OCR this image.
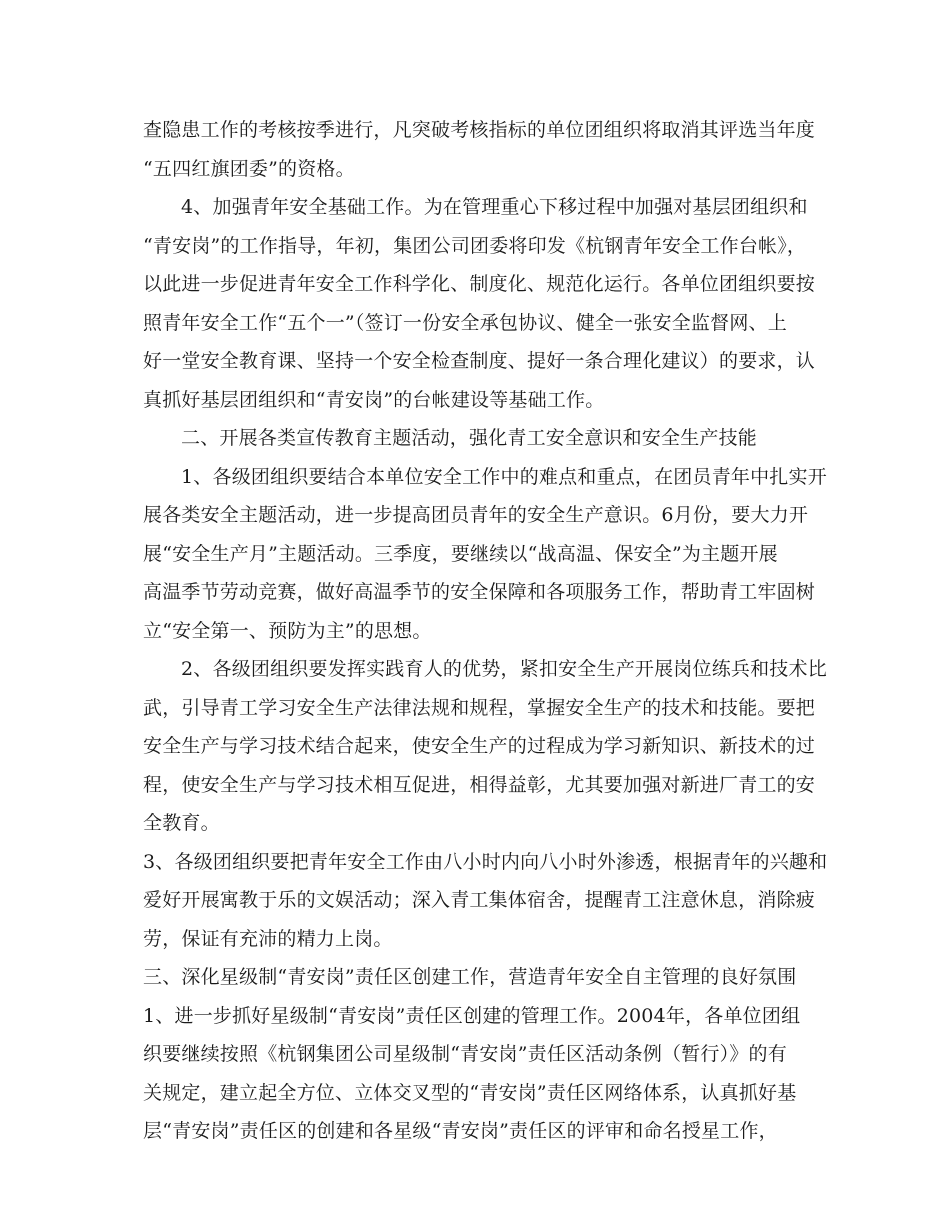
查隐患工作的考核按季进行，凡突破考核指标的单位团组织将取消其评选当年度
“五四红旗团委”的资格。
4、加强青年安全基础工作。为在管理重心下移过程中加强对基层团组织和
“青安岗”的工作指导，年初，集团公司团委将印发《杭钢青年安全工作台帐》，
以此进一步促进青年安全工作科学化、制度化、规范化运行。各单位团组织要按
照青年安全工作“五个一”（签订一份安全承包协议、健全一张安全监督网、上
好一堂安全教育课、坚持一个安全检查制度、提好一条合理化建议）的要求，认
真抓好基层团组织和“青安岗”的台帐建设等基础工作。
二、开展各类宣传教育主题活动，强化青工安全意识和安全生产技能
1、各级团组织要结合本单位安全工作中的难点和重点，在团员青年中扎实开
展各类安全主题活动，进一步提高团员青年的安全生产意识。6月份，要大力开
展“安全生产月”主题活动。三季度，要继续以“战高温、保安全”为主题开展
高温季节劳动竞赛，做好高温季节的安全保障和各项服务工作，帮助青工牢固树
立“安全第一、预防为主”的思想。
2、各级团组织要发挥实践育人的优势，紧扣安全生产开展岗位练兵和技术比
武，引导青工学习安全生产法律法规和规程，掌握安全生产的技术和技能。要把
安全生产与学习技术结合起来，使安全生产的过程成为学习新知识、新技术的过
程，使安全生产与学习技术相互促进，相得益彰，尤其要加强对新进厂青工的安
全教育。
3、各级团组织要把青年安全工作由八小时内向八小时外渗透，根据青年的兴趣和
爱好开展寓教于乐的文娱活动；深入青工集体宿舍，提醒青工注意休息，消除疲
劳，保证有充沛的精力上岗。
三、深化星级制“青安岗”责任区创建工作，营造青年安全自主管理的良好氛围
1、进一步抓好星级制“青安岗”责任区创建的管理工作。2004年，各单位团组
织要继续按照《杭钢集团公司星级制“青安岗”责任区活动条例（暂行）》的有
关规定，建立起全方位、立体交叉型的“青安岗”责任区网络体系，认真抓好基
层“青安岗”责任区的创建和各星级“青安岗”责任区的评审和命名授星工作，
